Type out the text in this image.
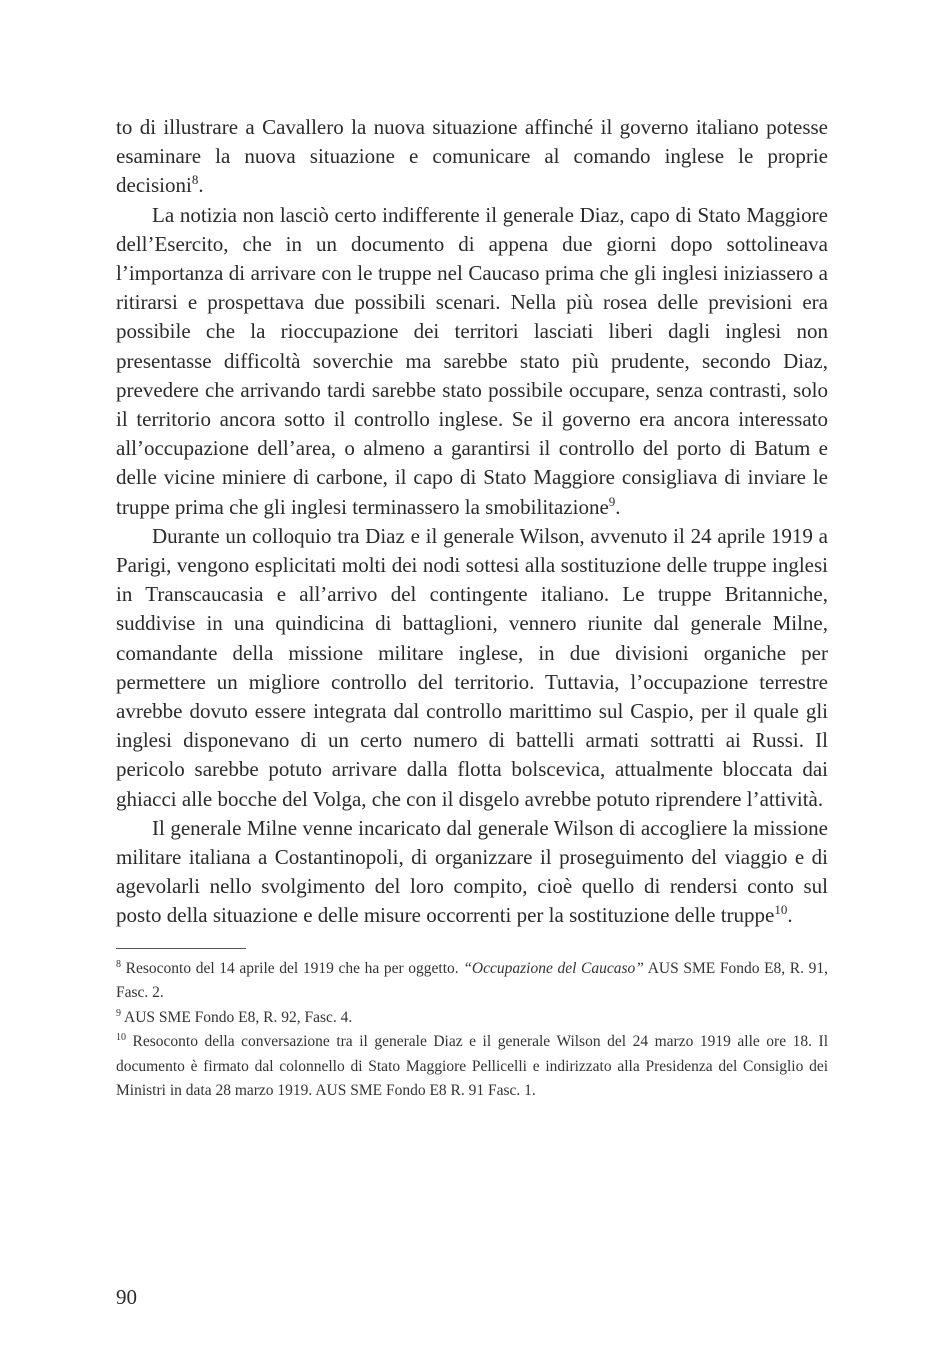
to di illustrare a Cavallero la nuova situazione affinché il governo italiano potesse esaminare la nuova situazione e comunicare al comando inglese le proprie decisioni$^8$.

La notizia non lasciò certo indifferente il generale Diaz, capo di Stato Maggiore dell’Esercito, che in un documento di appena due giorni dopo sottolineava l’importanza di arrivare con le truppe nel Caucaso prima che gli inglesi iniziassero a ritirarsi e prospettava due possibili scenari. Nella più rosea delle previsioni era possibile che la rioccupazione dei territori lasciati liberi dagli inglesi non presentasse difficoltà soverchie ma sarebbe stato più prudente, secondo Diaz, prevedere che arrivando tardi sarebbe stato possibile occupare, senza contrasti, solo il territorio ancora sotto il controllo inglese. Se il governo era ancora interessato all’occupazione dell’area, o almeno a garantirsi il controllo del porto di Batum e delle vicine miniere di carbone, il capo di Stato Maggiore consigliava di inviare le truppe prima che gli inglesi terminassero la smobilitazione$^9$.

Durante un colloquio tra Diaz e il generale Wilson, avvenuto il 24 aprile 1919 a Parigi, vengono esplicitati molti dei nodi sottesi alla sostituzione delle truppe inglesi in Transcaucasia e all’arrivo del contingente italiano. Le truppe Britanniche, suddivise in una quindicina di battaglioni, vennero riunite dal generale Milne, comandante della missione militare inglese, in due divisioni organiche per permettere un migliore controllo del territorio. Tuttavia, l’occupazione terrestre avrebbe dovuto essere integrata dal controllo marittimo sul Caspio, per il quale gli inglesi disponevano di un certo numero di battelli armati sottratti ai Russi. Il pericolo sarebbe potuto arrivare dalla flotta bolscevica, attualmente bloccata dai ghiacci alle bocche del Volga, che con il disgelo avrebbe potuto riprendere l’attività.

Il generale Milne venne incaricato dal generale Wilson di accogliere la missione militare italiana a Costantinopoli, di organizzare il proseguimento del viaggio e di agevolarli nello svolgimento del loro compito, cioè quello di rendersi conto sul posto della situazione e delle misure occorrenti per la sostituzione delle truppe$^{10}$.

$^8$ Resoconto del 14 aprile del 1919 che ha per oggetto. “Occupazione del Caucaso” AUS SME Fondo E8, R. 91, Fasc. 2.

$^9$ AUS SME Fondo E8, R. 92, Fasc. 4.

$^{10}$ Resoconto della conversazione tra il generale Diaz e il generale Wilson del 24 marzo 1919 alle ore 18. Il documento è firmato dal colonnello di Stato Maggiore Pellicelli e indirizzato alla Presidenza del Consiglio dei Ministri in data 28 marzo 1919. AUS SME Fondo E8 R. 91 Fasc. 1.

90
